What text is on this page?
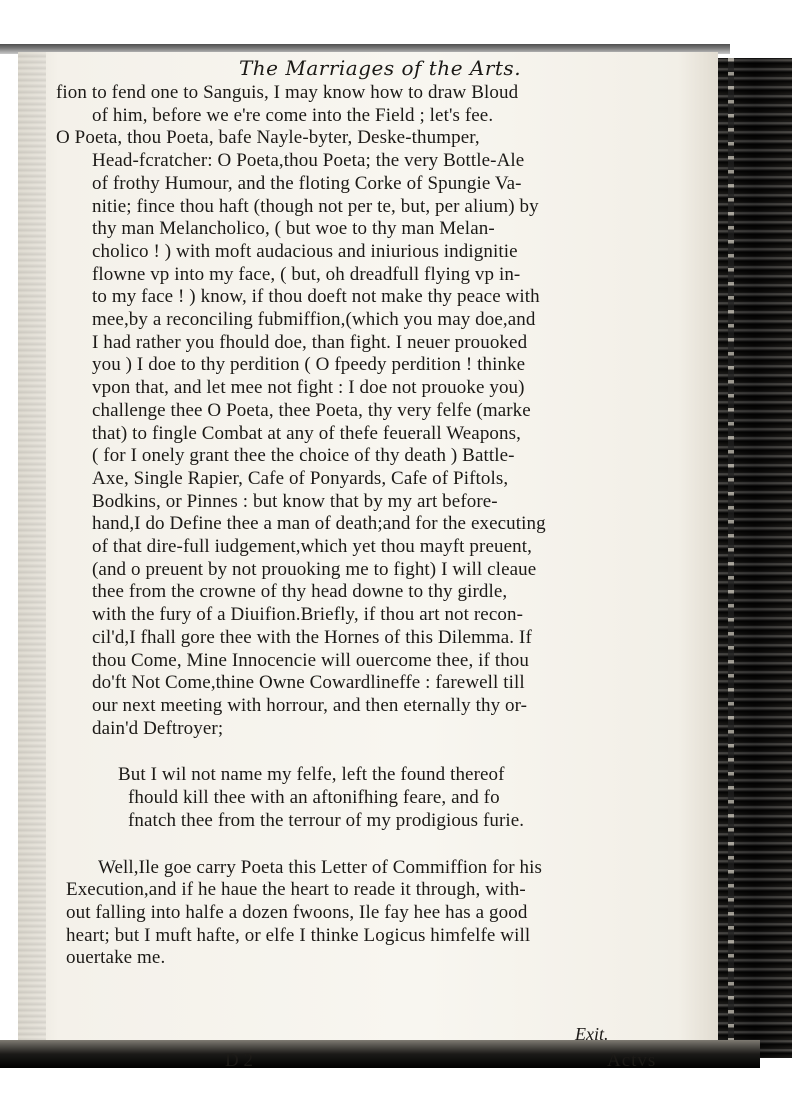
The Marriages of the Arts.
fion to fend one to Sanguis, I may know how to draw Bloud
of him, before we e're come into the Field ; let's fee.
O Poeta, thou Poeta, bafe Nayle-byter, Deske-thumper,
Head-fcratcher: O Poeta,thou Poeta; the very Bottle-Ale
of frothy Humour, and the floting Corke of Spungie Va-
nitie; fince thou haft (though not per te, but, per alium) by
thy man Melancholico, ( but woe to thy man Melan-
cholico ! ) with moft audacious and iniurious indignitie
flowne vp into my face, ( but, oh dreadfull flying vp in-
to my face ! ) know, if thou doeft not make thy peace with
mee,by a reconciling fubmiffion,(which you may doe,and
I had rather you fhould doe, than fight. I neuer prouoked
you ) I doe to thy perdition ( O fpeedy perdition ! thinke
vpon that, and let mee not fight : I doe not prouoke you)
challenge thee O Poeta, thee Poeta, thy very felfe (marke
that) to fingle Combat at any of thefe feuerall Weapons,
( for I onely grant thee the choice of thy death ) Battle-
Axe, Single Rapier, Cafe of Ponyards, Cafe of Piftols,
Bodkins, or Pinnes : but know that by my art before-
hand,I do Define thee a man of death;and for the executing
of that dire-full iudgement,which yet thou mayft preuent,
(and o preuent by not prouoking me to fight) I will cleaue
thee from the crowne of thy head downe to thy girdle,
with the fury of a Diuifion.Briefly, if thou art not recon-
cil'd,I fhall gore thee with the Hornes of this Dilemma. If
thou Come, Mine Innocencie will ouercome thee, if thou
do'ft Not Come,thine Owne Cowardlineffe : farewell till
our next meeting with horrour, and then eternally thy or-
dain'd Deftroyer;
But I wil not name my felfe, left the found thereof
fhould kill thee with an aftonifhing feare, and fo
fnatch thee from the terrour of my prodigious furie.
Well,Ile goe carry Poeta this Letter of Commiffion for his
Execution,and if he haue the heart to reade it through, with-
out falling into halfe a dozen fwoons, Ile fay hee has a good
heart; but I muft hafte, or elfe I thinke Logicus himfelfe will
ouertake me.
Exit.
D 2	Actvs
